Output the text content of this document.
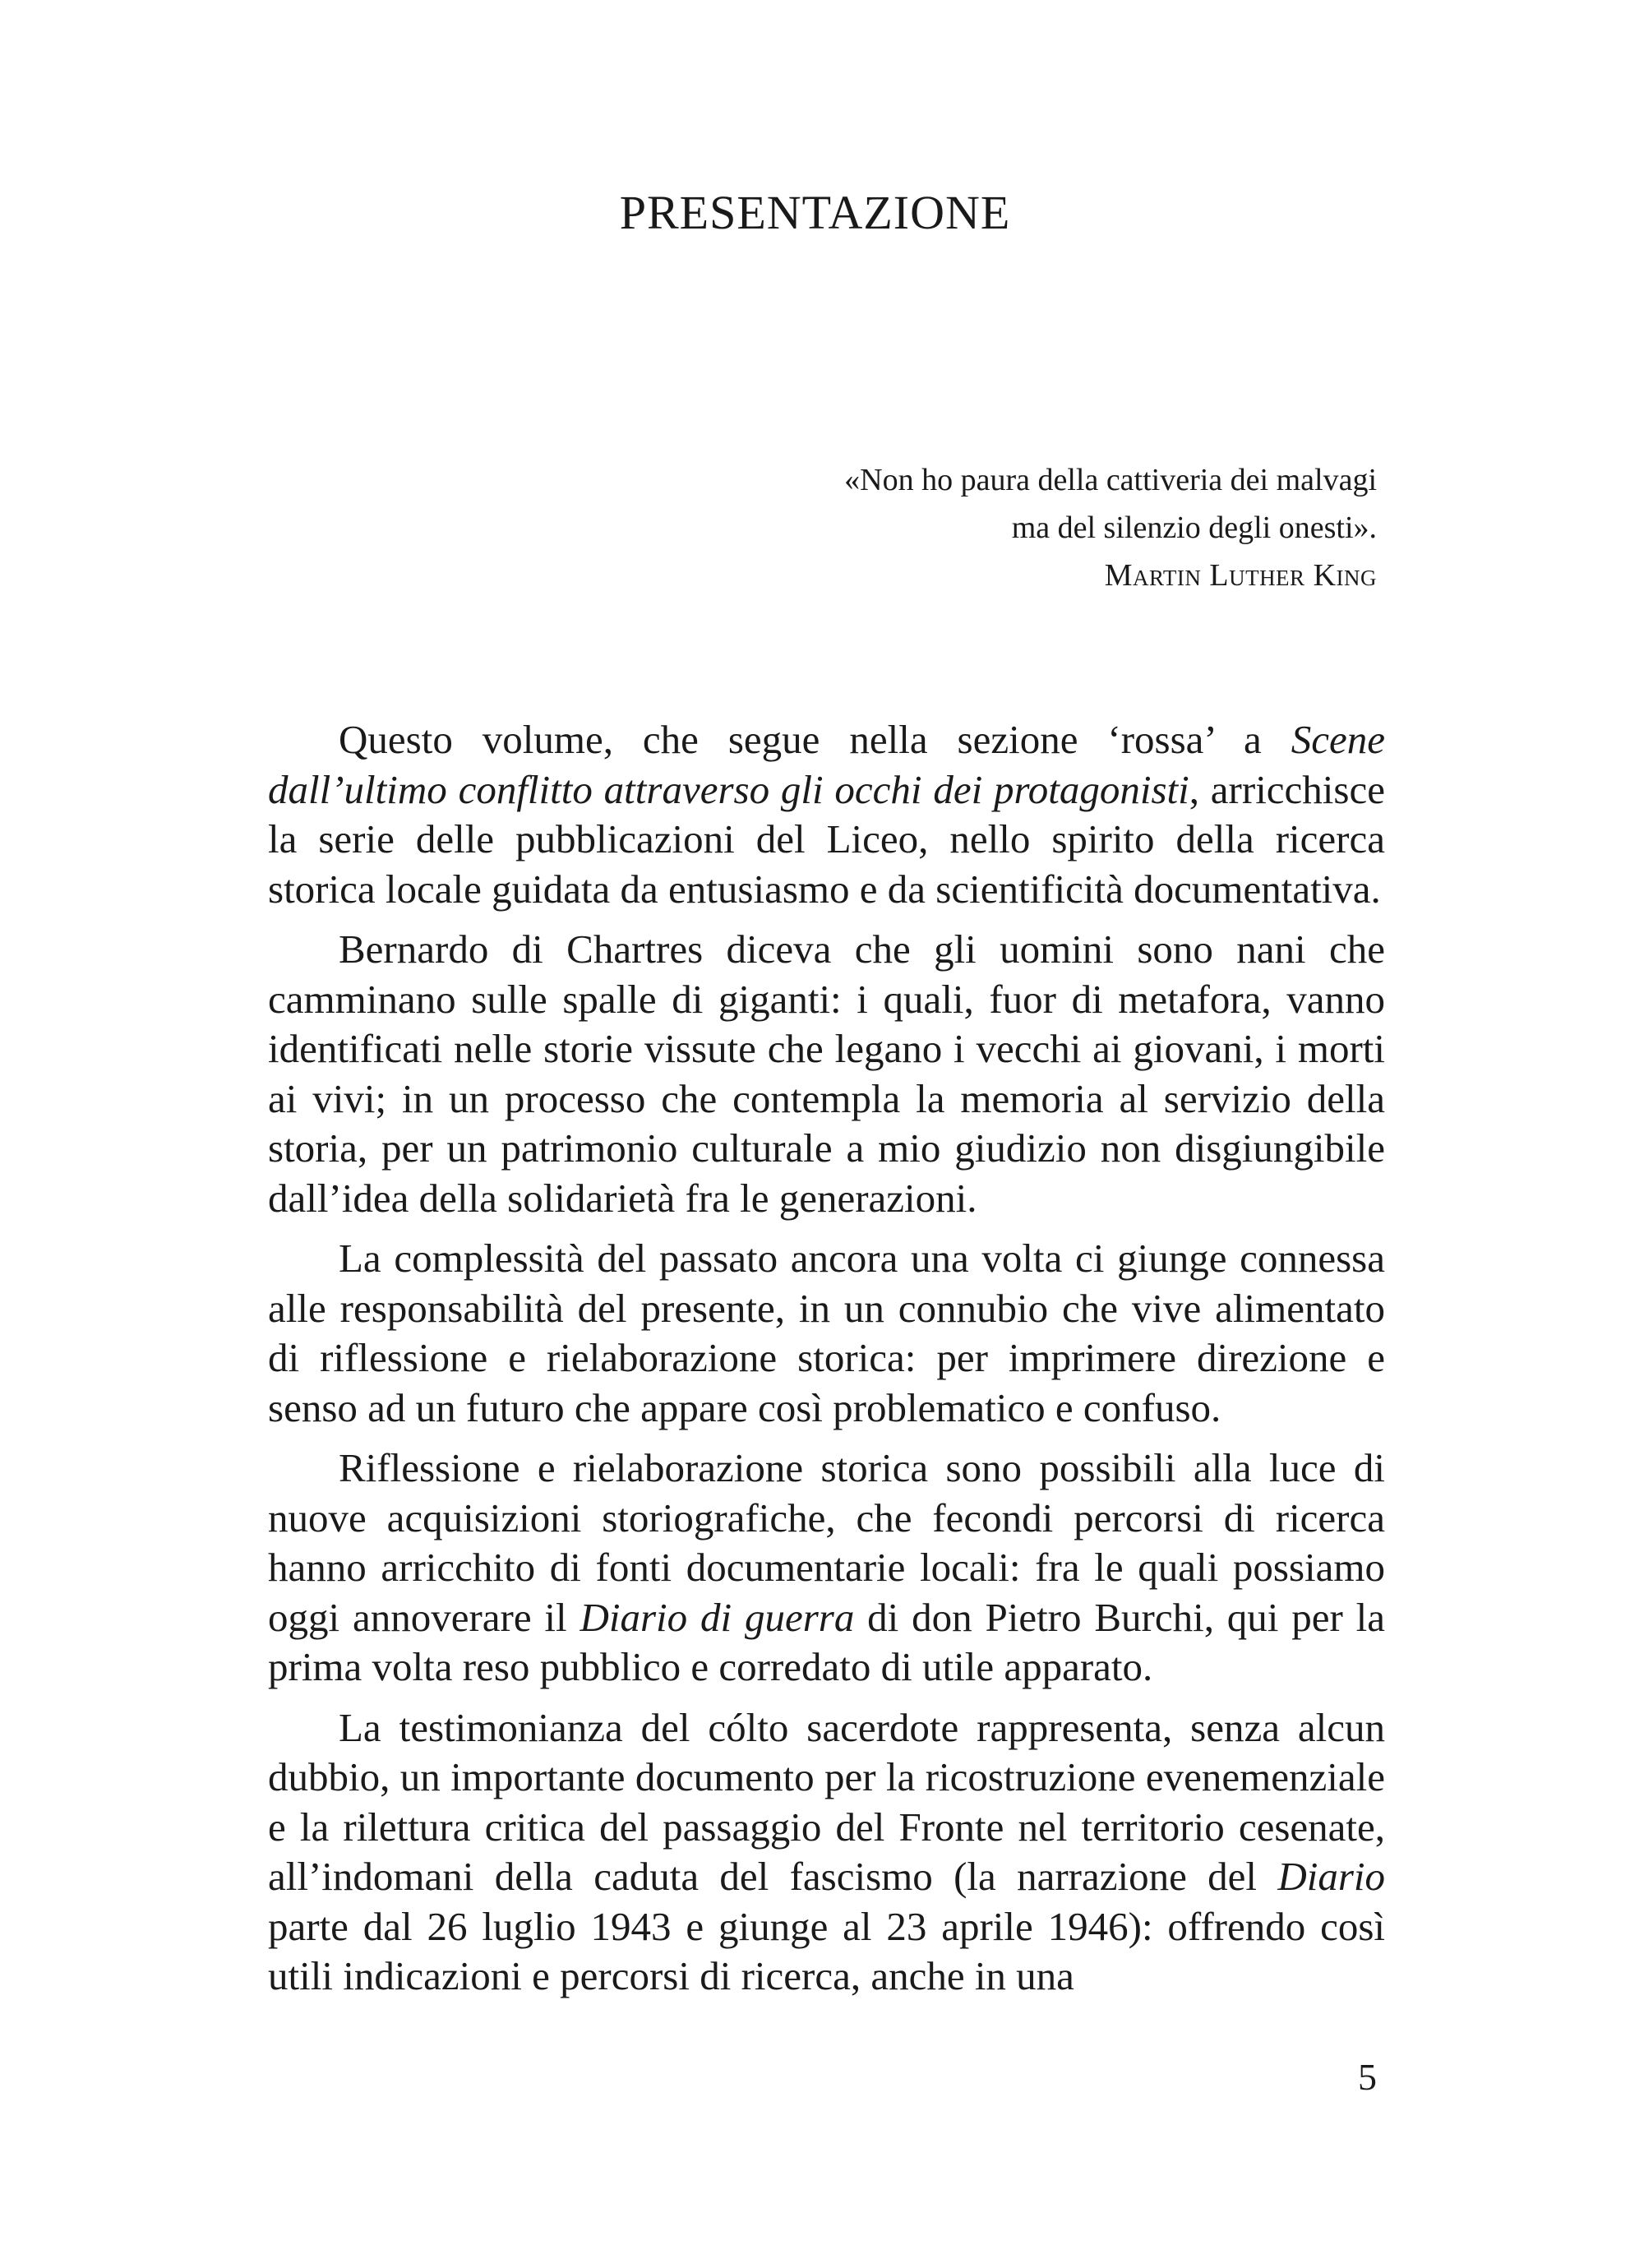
PRESENTAZIONE
«Non ho paura della cattiveria dei malvagi
ma del silenzio degli onesti».
Martin Luther King

Questo volume, che segue nella sezione ‘rossa’ a Scene dall’ultimo conflitto attraverso gli occhi dei protagonisti, arricchisce la serie delle pubblicazioni del Liceo, nello spirito della ricerca storica locale guidata da entusiasmo e da scientificità documentativa.

Bernardo di Chartres diceva che gli uomini sono nani che camminano sulle spalle di giganti: i quali, fuor di metafora, vanno identificati nelle storie vissute che legano i vecchi ai giovani, i morti ai vivi; in un processo che contempla la memoria al servizio della storia, per un patrimonio culturale a mio giudizio non disgiungibile dall’idea della solidarietà fra le generazioni.

La complessità del passato ancora una volta ci giunge connessa alle responsabilità del presente, in un connubio che vive alimentato di riflessione e rielaborazione storica: per imprimere direzione e senso ad un futuro che appare così problematico e confuso.

Riflessione e rielaborazione storica sono possibili alla luce di nuove acquisizioni storiografiche, che fecondi percorsi di ricerca hanno arricchito di fonti documentarie locali: fra le quali possiamo oggi annoverare il Diario di guerra di don Pietro Burchi, qui per la prima volta reso pubblico e corredato di utile apparato.

La testimonianza del cólto sacerdote rappresenta, senza alcun dubbio, un importante documento per la ricostruzione evenemenziale e la rilettura critica del passaggio del Fronte nel territorio cesenate, all’indomani della caduta del fascismo (la narrazione del Diario parte dal 26 luglio 1943 e giunge al 23 aprile 1946): offrendo così utili indicazioni e percorsi di ricerca, anche in una

5
